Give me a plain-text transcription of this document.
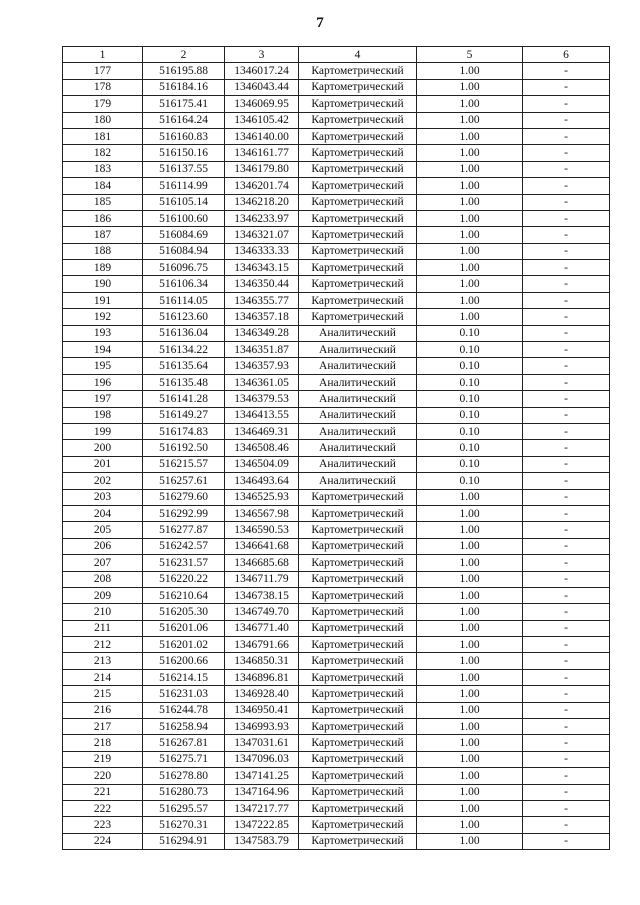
7
1	2	3	4	5	6
177	516195.88	1346017.24	Картометрический	1.00	-
178	516184.16	1346043.44	Картометрический	1.00	-
179	516175.41	1346069.95	Картометрический	1.00	-
180	516164.24	1346105.42	Картометрический	1.00	-
181	516160.83	1346140.00	Картометрический	1.00	-
182	516150.16	1346161.77	Картометрический	1.00	-
183	516137.55	1346179.80	Картометрический	1.00	-
184	516114.99	1346201.74	Картометрический	1.00	-
185	516105.14	1346218.20	Картометрический	1.00	-
186	516100.60	1346233.97	Картометрический	1.00	-
187	516084.69	1346321.07	Картометрический	1.00	-
188	516084.94	1346333.33	Картометрический	1.00	-
189	516096.75	1346343.15	Картометрический	1.00	-
190	516106.34	1346350.44	Картометрический	1.00	-
191	516114.05	1346355.77	Картометрический	1.00	-
192	516123.60	1346357.18	Картометрический	1.00	-
193	516136.04	1346349.28	Аналитический	0.10	-
194	516134.22	1346351.87	Аналитический	0.10	-
195	516135.64	1346357.93	Аналитический	0.10	-
196	516135.48	1346361.05	Аналитический	0.10	-
197	516141.28	1346379.53	Аналитический	0.10	-
198	516149.27	1346413.55	Аналитический	0.10	-
199	516174.83	1346469.31	Аналитический	0.10	-
200	516192.50	1346508.46	Аналитический	0.10	-
201	516215.57	1346504.09	Аналитический	0.10	-
202	516257.61	1346493.64	Аналитический	0.10	-
203	516279.60	1346525.93	Картометрический	1.00	-
204	516292.99	1346567.98	Картометрический	1.00	-
205	516277.87	1346590.53	Картометрический	1.00	-
206	516242.57	1346641.68	Картометрический	1.00	-
207	516231.57	1346685.68	Картометрический	1.00	-
208	516220.22	1346711.79	Картометрический	1.00	-
209	516210.64	1346738.15	Картометрический	1.00	-
210	516205.30	1346749.70	Картометрический	1.00	-
211	516201.06	1346771.40	Картометрический	1.00	-
212	516201.02	1346791.66	Картометрический	1.00	-
213	516200.66	1346850.31	Картометрический	1.00	-
214	516214.15	1346896.81	Картометрический	1.00	-
215	516231.03	1346928.40	Картометрический	1.00	-
216	516244.78	1346950.41	Картометрический	1.00	-
217	516258.94	1346993.93	Картометрический	1.00	-
218	516267.81	1347031.61	Картометрический	1.00	-
219	516275.71	1347096.03	Картометрический	1.00	-
220	516278.80	1347141.25	Картометрический	1.00	-
221	516280.73	1347164.96	Картометрический	1.00	-
222	516295.57	1347217.77	Картометрический	1.00	-
223	516270.31	1347222.85	Картометрический	1.00	-
224	516294.91	1347583.79	Картометрический	1.00	-
